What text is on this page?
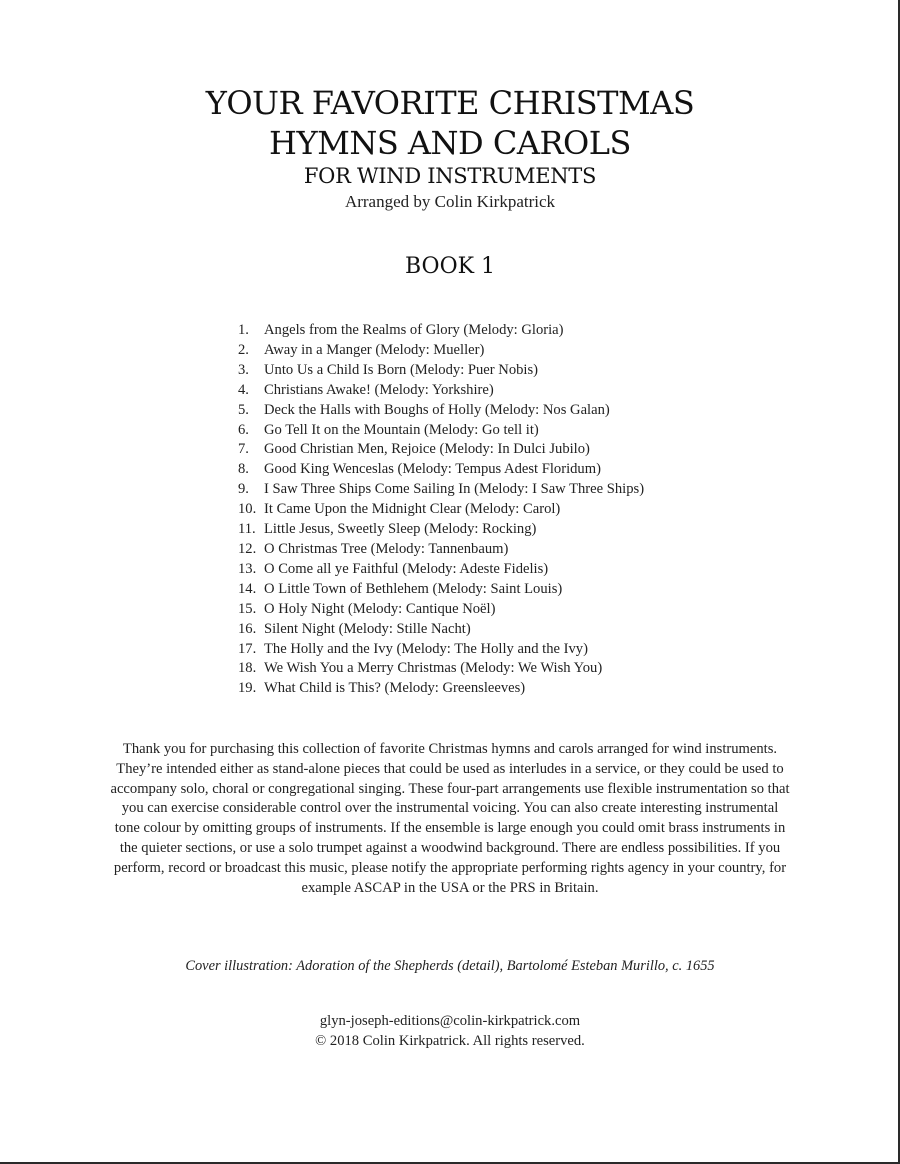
YOUR FAVORITE CHRISTMAS
HYMNS AND CAROLS
FOR WIND INSTRUMENTS
Arranged by Colin Kirkpatrick
BOOK 1
1. Angels from the Realms of Glory (Melody: Gloria)
2. Away in a Manger (Melody: Mueller)
3. Unto Us a Child Is Born (Melody: Puer Nobis)
4. Christians Awake! (Melody: Yorkshire)
5. Deck the Halls with Boughs of Holly (Melody: Nos Galan)
6. Go Tell It on the Mountain (Melody: Go tell it)
7. Good Christian Men, Rejoice (Melody: In Dulci Jubilo)
8. Good King Wenceslas (Melody: Tempus Adest Floridum)
9. I Saw Three Ships Come Sailing In (Melody: I Saw Three Ships)
10. It Came Upon the Midnight Clear (Melody: Carol)
11. Little Jesus, Sweetly Sleep (Melody: Rocking)
12. O Christmas Tree (Melody: Tannenbaum)
13. O Come all ye Faithful (Melody: Adeste Fidelis)
14. O Little Town of Bethlehem (Melody: Saint Louis)
15. O Holy Night (Melody: Cantique Noël)
16. Silent Night (Melody: Stille Nacht)
17. The Holly and the Ivy (Melody: The Holly and the Ivy)
18. We Wish You a Merry Christmas (Melody: We Wish You)
19. What Child is This? (Melody: Greensleeves)

Thank you for purchasing this collection of favorite Christmas hymns and carols arranged for wind instruments. They’re intended either as stand-alone pieces that could be used as interludes in a service, or they could be used to accompany solo, choral or congregational singing. These four-part arrangements use flexible instrumentation so that you can exercise considerable control over the instrumental voicing. You can also create interesting instrumental tone colour by omitting groups of instruments. If the ensemble is large enough you could omit brass instruments in the quieter sections, or use a solo trumpet against a woodwind background. There are endless possibilities. If you perform, record or broadcast this music, please notify the appropriate performing rights agency in your country, for example ASCAP in the USA or the PRS in Britain.

Cover illustration: Adoration of the Shepherds (detail), Bartolomé Esteban Murillo, c. 1655
glyn-joseph-editions@colin-kirkpatrick.com
© 2018 Colin Kirkpatrick. All rights reserved.
